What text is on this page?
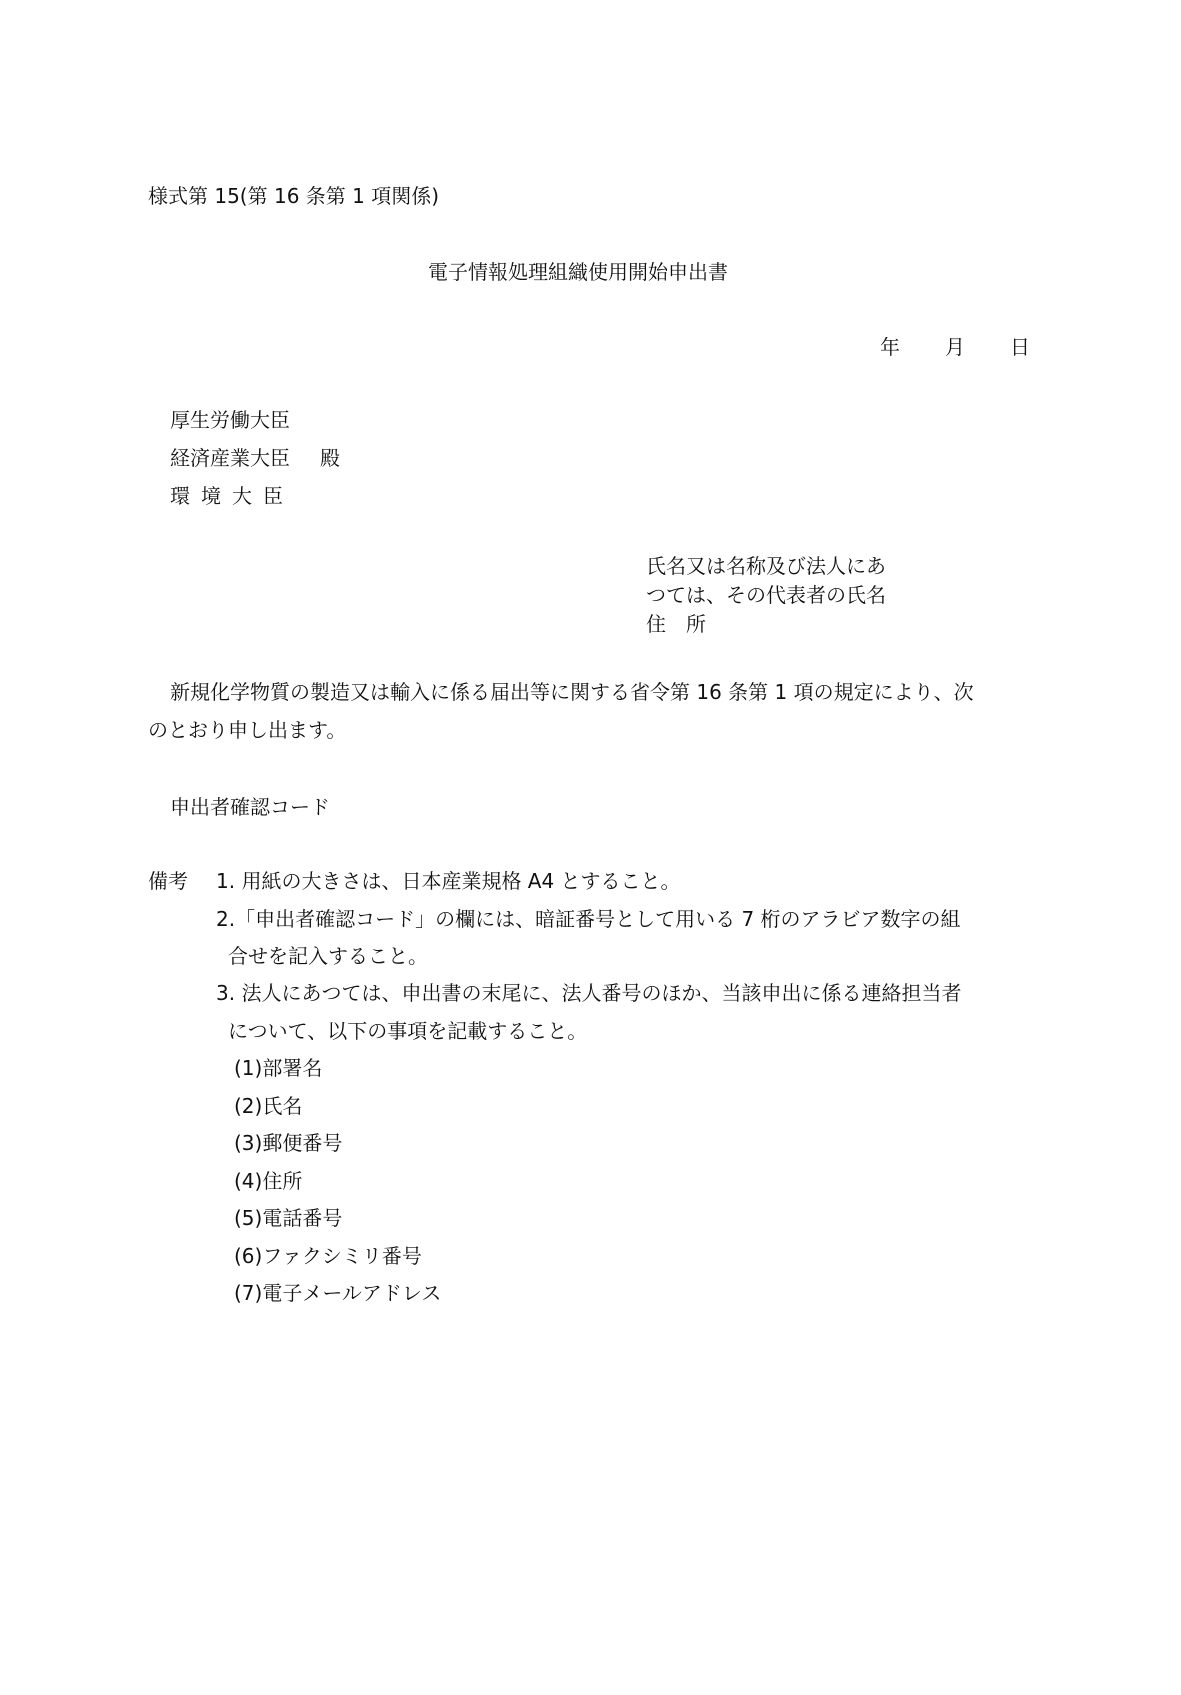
様式第 15(第 16 条第 1 項関係)
電子情報処理組織使用開始申出書
年 月 日
厚生労働大臣
経済産業大臣 殿
環境大臣
氏名又は名称及び法人にあ
つては、その代表者の氏名
住　所
新規化学物質の製造又は輸入に係る届出等に関する省令第 16 条第 1 項の規定により、次
のとおり申し出ます。
申出者確認コード
備考 1. 用紙の大きさは、日本産業規格 A4 とすること。
2.「申出者確認コード」の欄には、暗証番号として用いる 7 桁のアラビア数字の組
合せを記入すること。
3. 法人にあつては、申出書の末尾に、法人番号のほか、当該申出に係る連絡担当者
について、以下の事項を記載すること。
(1)部署名
(2)氏名
(3)郵便番号
(4)住所
(5)電話番号
(6)ファクシミリ番号
(7)電子メールアドレス
